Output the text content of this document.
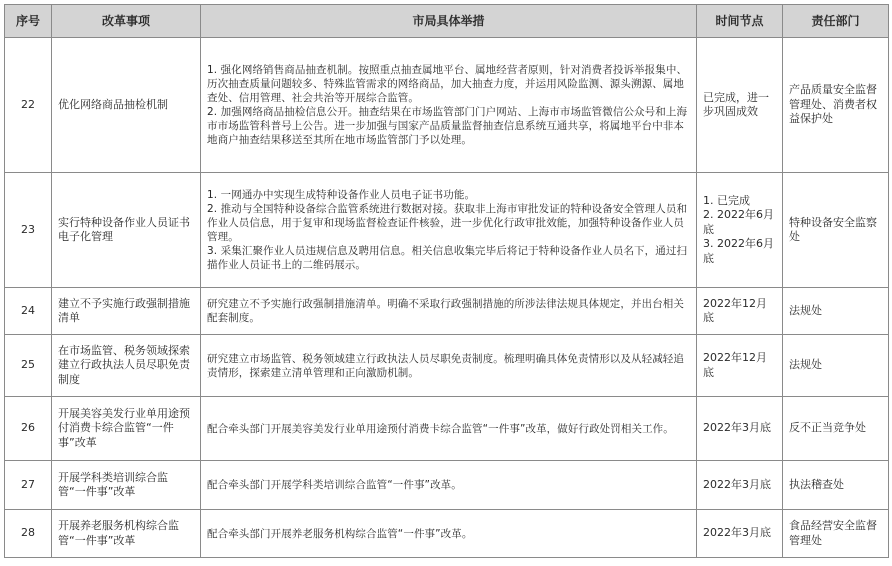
序号	改革事项	市局具体举措	时间节点	责任部门
22	优化网络商品抽检机制	1. 强化网络销售商品抽查机制。按照重点抽查属地平台、属地经营者原则，针对消费者投诉举报集中、历次抽查质量问题较多、特殊监管需求的网络商品，加大抽查力度，并运用风险监测、源头溯源、属地查处、信用管理、社会共治等开展综合监管。
2. 加强网络商品抽检信息公开。抽查结果在市场监管部门门户网站、上海市市场监管微信公众号和上海市市场监管科普号上公告。进一步加强与国家产品质量监督抽查信息系统互通共享，将属地平台中非本地商户抽查结果移送至其所在地市场监管部门予以处理。	已完成，进一步巩固成效	产品质量安全监督管理处、消费者权益保护处
23	实行特种设备作业人员证书电子化管理	1. 一网通办中实现生成特种设备作业人员电子证书功能。
2. 推动与全国特种设备综合监管系统进行数据对接。获取非上海市审批发证的特种设备安全管理人员和作业人员信息，用于复审和现场监督检查证件核验，进一步优化行政审批效能，加强特种设备作业人员管理。
3. 采集汇聚作业人员违规信息及聘用信息。相关信息收集完毕后将记于特种设备作业人员名下，通过扫描作业人员证书上的二维码展示。	1. 已完成
2. 2022年6月底
3. 2022年6月底	特种设备安全监察处
24	建立不予实施行政强制措施清单	研究建立不予实施行政强制措施清单。明确不采取行政强制措施的所涉法律法规具体规定，并出台相关配套制度。	2022年12月底	法规处
25	在市场监管、税务领域探索建立行政执法人员尽职免责制度	研究建立市场监管、税务领域建立行政执法人员尽职免责制度。梳理明确具体免责情形以及从轻减轻追责情形，探索建立清单管理和正向激励机制。	2022年12月底	法规处
26	开展美容美发行业单用途预付消费卡综合监管“一件事”改革	配合牵头部门开展美容美发行业单用途预付消费卡综合监管“一件事”改革，做好行政处罚相关工作。	2022年3月底	反不正当竞争处
27	开展学科类培训综合监管“一件事”改革	配合牵头部门开展学科类培训综合监管“一件事”改革。	2022年3月底	执法稽查处
28	开展养老服务机构综合监管“一件事”改革	配合牵头部门开展养老服务机构综合监管“一件事”改革。	2022年3月底	食品经营安全监督管理处
